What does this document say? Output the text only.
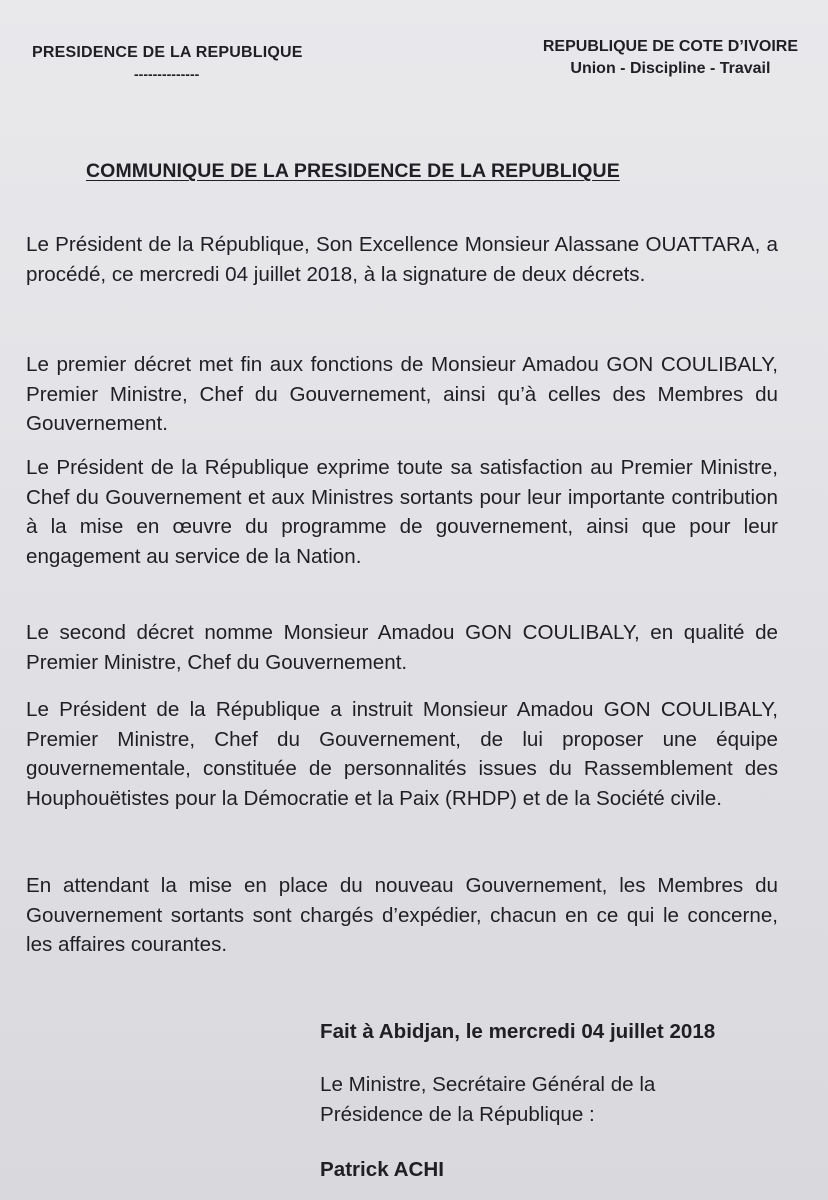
PRESIDENCE DE LA REPUBLIQUE
--------------
REPUBLIQUE DE COTE D’IVOIRE
Union - Discipline - Travail
COMMUNIQUE DE LA PRESIDENCE DE LA REPUBLIQUE

Le Président de la République, Son Excellence Monsieur Alassane OUATTARA, a procédé, ce mercredi 04 juillet 2018, à la signature de deux décrets.

Le premier décret met fin aux fonctions de Monsieur Amadou GON COULIBALY, Premier Ministre, Chef du Gouvernement, ainsi qu’à celles des Membres du Gouvernement.

Le Président de la République exprime toute sa satisfaction au Premier Ministre, Chef du Gouvernement et aux Ministres sortants pour leur importante contribution à la mise en œuvre du programme de gouvernement, ainsi que pour leur engagement au service de la Nation.

Le second décret nomme Monsieur Amadou GON COULIBALY, en qualité de Premier Ministre, Chef du Gouvernement.

Le Président de la République a instruit Monsieur Amadou GON COULIBALY, Premier Ministre, Chef du Gouvernement, de lui proposer une équipe gouvernementale, constituée de personnalités issues du Rassemblement des Houphouëtistes pour la Démocratie et la Paix (RHDP) et de la Société civile.

En attendant la mise en place du nouveau Gouvernement, les Membres du Gouvernement sortants sont chargés d’expédier, chacun en ce qui le concerne, les affaires courantes.

Fait à Abidjan, le mercredi 04 juillet 2018
Le Ministre, Secrétaire Général de la
Présidence de la République :
Patrick ACHI
